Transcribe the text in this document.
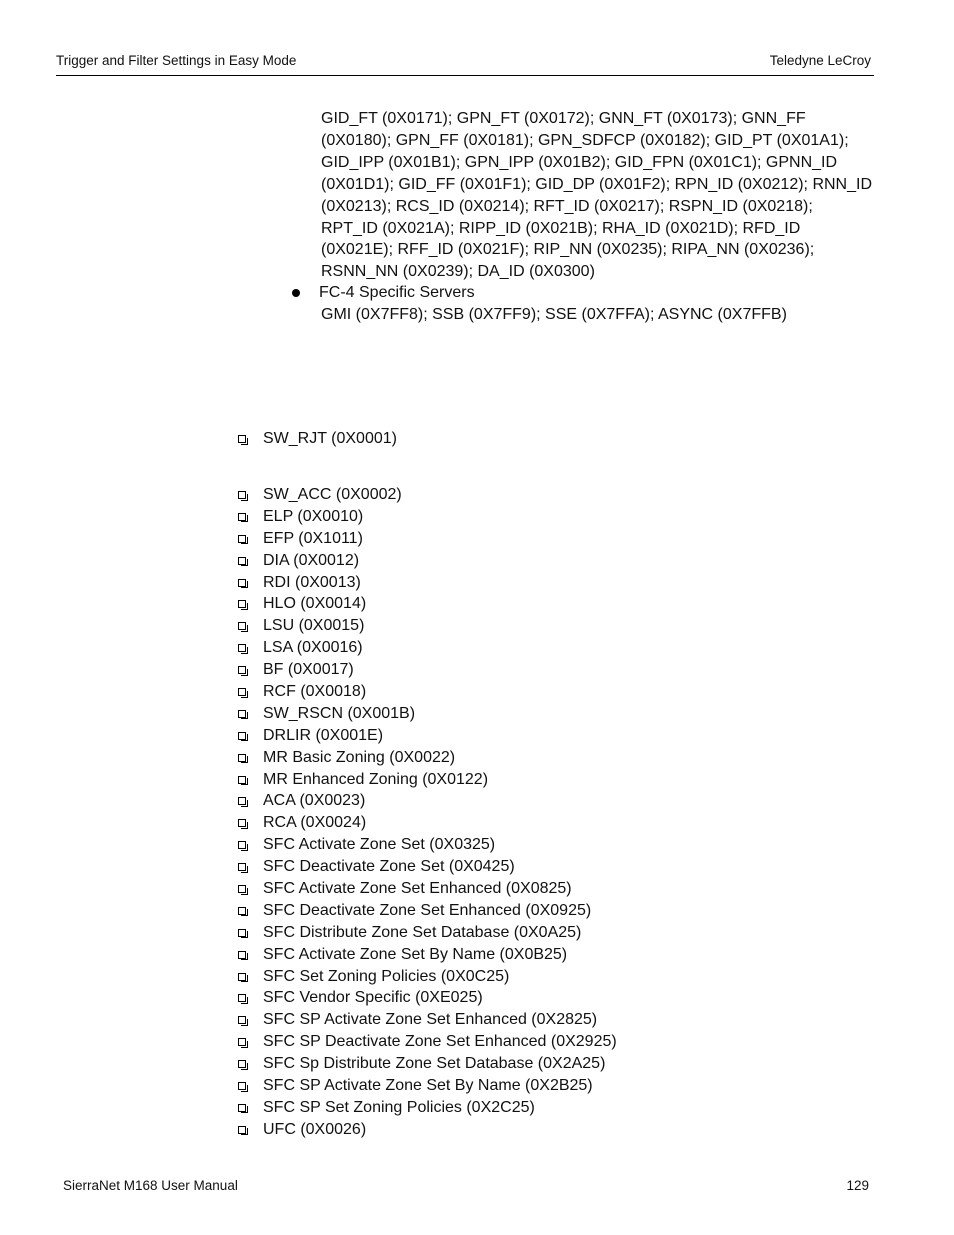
Trigger and Filter Settings in Easy Mode	Teledyne LeCroy
GID_FT (0X0171); GPN_FT (0X0172); GNN_FT (0X0173); GNN_FF (0X0180); GPN_FF (0X0181); GPN_SDFCP (0X0182); GID_PT (0X01A1); GID_IPP (0X01B1); GPN_IPP (0X01B2); GID_FPN (0X01C1); GPNN_ID (0X01D1); GID_FF (0X01F1); GID_DP (0X01F2); RPN_ID (0X0212); RNN_ID (0X0213); RCS_ID (0X0214); RFT_ID (0X0217); RSPN_ID (0X0218); RPT_ID (0X021A); RIPP_ID (0X021B); RHA_ID (0X021D); RFD_ID (0X021E); RFF_ID (0X021F); RIP_NN (0X0235); RIPA_NN (0X0236); RSNN_NN (0X0239); DA_ID (0X0300)
FC-4 Specific Servers
GMI (0X7FF8); SSB (0X7FF9); SSE (0X7FFA); ASYNC (0X7FFB)
SW_RJT (0X0001)
SW_ACC (0X0002)
ELP (0X0010)
EFP (0X1011)
DIA (0X0012)
RDI (0X0013)
HLO (0X0014)
LSU (0X0015)
LSA (0X0016)
BF (0X0017)
RCF (0X0018)
SW_RSCN (0X001B)
DRLIR (0X001E)
MR Basic Zoning (0X0022)
MR Enhanced Zoning (0X0122)
ACA (0X0023)
RCA (0X0024)
SFC Activate Zone Set (0X0325)
SFC Deactivate Zone Set (0X0425)
SFC Activate Zone Set Enhanced (0X0825)
SFC Deactivate Zone Set Enhanced (0X0925)
SFC Distribute Zone Set Database (0X0A25)
SFC Activate Zone Set By Name (0X0B25)
SFC Set Zoning Policies (0X0C25)
SFC Vendor Specific (0XE025)
SFC SP Activate Zone Set Enhanced (0X2825)
SFC SP Deactivate Zone Set Enhanced (0X2925)
SFC Sp Distribute Zone Set Database (0X2A25)
SFC SP Activate Zone Set By Name (0X2B25)
SFC SP Set Zoning Policies (0X2C25)
UFC (0X0026)
SierraNet M168 User Manual	129
